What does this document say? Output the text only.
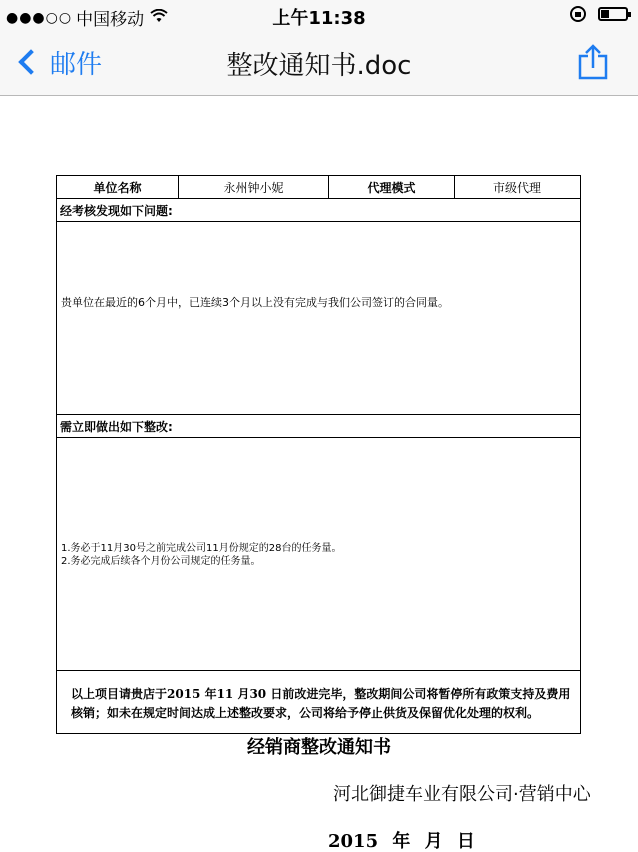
●●●○○ 中国移动	上午11:38
邮件	整改通知书.doc
单位名称	永州钟小妮	代理模式	市级代理
经考核发现如下问题:
贵单位在最近的6个月中，已连续3个月以上没有完成与我们公司签订的合同量。
需立即做出如下整改:
1.务必于11月30号之前完成公司11月份规定的28台的任务量。
2.务必完成后续各个月份公司规定的任务量。
以上项目请贵店于2015 年11 月30 日前改进完毕，整改期间公司将暂停所有政策支持及费用核销；如未在规定时间达成上述整改要求，公司将给予停止供货及保留优化处理的权利。
经销商整改通知书
河北御捷车业有限公司·营销中心
2015 年 月 日
